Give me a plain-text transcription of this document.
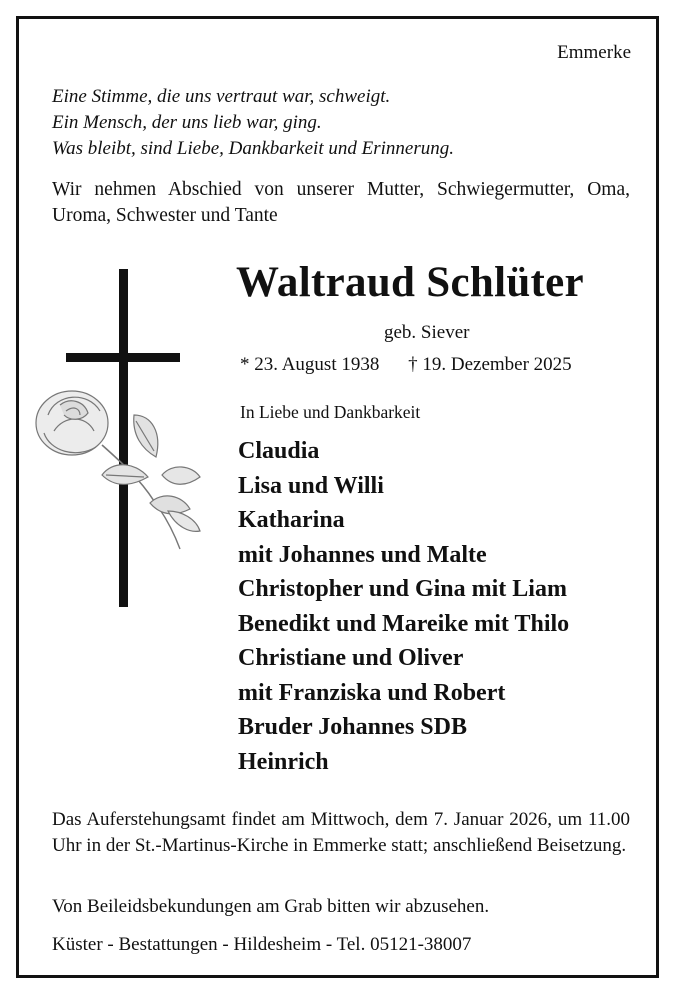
Emmerke
Eine Stimme, die uns vertraut war, schweigt.
Ein Mensch, der uns lieb war, ging.
Was bleibt, sind Liebe, Dankbarkeit und Erinnerung.
Wir nehmen Abschied von unserer Mutter, Schwiegermutter, Oma, Uroma, Schwester und Tante
Waltraud Schlüter
geb. Siever
* 23. August 1938 † 19. Dezember 2025
In Liebe und Dankbarkeit
Claudia
Lisa und Willi
Katharina
mit Johannes und Malte
Christopher und Gina mit Liam
Benedikt und Mareike mit Thilo
Christiane und Oliver
mit Franziska und Robert
Bruder Johannes SDB
Heinrich
Das Auferstehungsamt findet am Mittwoch, dem 7. Januar 2026, um 11.00 Uhr in der St.-Martinus-Kirche in Emmerke statt; anschließend Beisetzung.
Von Beileidsbekundungen am Grab bitten wir abzusehen.
Küster - Bestattungen - Hildesheim - Tel. 05121-38007
